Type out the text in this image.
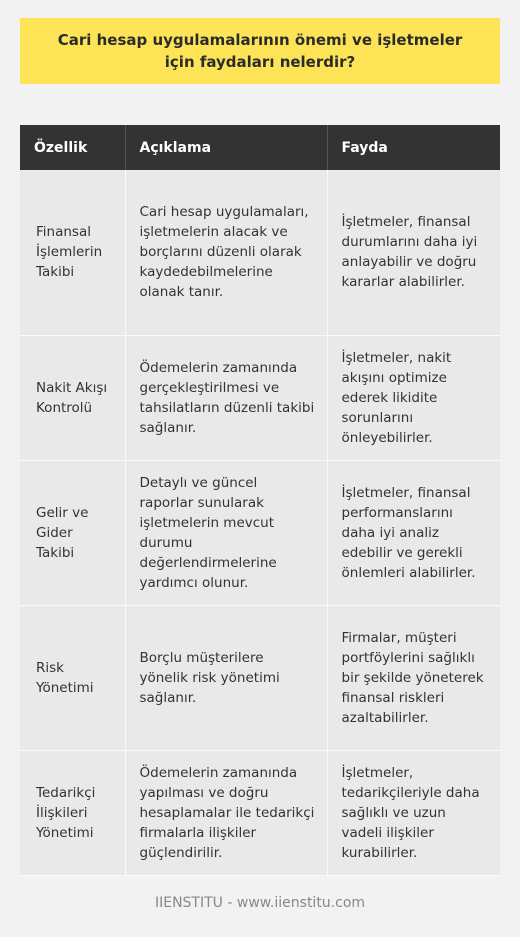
Cari hesap uygulamalarının önemi ve işletmeler için faydaları nelerdir?
Özellik	Açıklama	Fayda
Finansal İşlemlerin Takibi	Cari hesap uygulamaları, işletmelerin alacak ve borçlarını düzenli olarak kaydedebilmelerine olanak tanır.	İşletmeler, finansal durumlarını daha iyi anlayabilir ve doğru kararlar alabilirler.
Nakit Akışı Kontrolü	Ödemelerin zamanında gerçekleştirilmesi ve tahsilatların düzenli takibi sağlanır.	İşletmeler, nakit akışını optimize ederek likidite sorunlarını önleyebilirler.
Gelir ve Gider Takibi	Detaylı ve güncel raporlar sunularak işletmelerin mevcut durumu değerlendirmelerine yardımcı olunur.	İşletmeler, finansal performanslarını daha iyi analiz edebilir ve gerekli önlemleri alabilirler.
Risk Yönetimi	Borçlu müşterilere yönelik risk yönetimi sağlanır.	Firmalar, müşteri portföylerini sağlıklı bir şekilde yöneterek finansal riskleri azaltabilirler.
Tedarikçi İlişkileri Yönetimi	Ödemelerin zamanında yapılması ve doğru hesaplamalar ile tedarikçi firmalarla ilişkiler güçlendirilir.	İşletmeler, tedarikçileriyle daha sağlıklı ve uzun vadeli ilişkiler kurabilirler.
IIENSTITU - www.iienstitu.com
